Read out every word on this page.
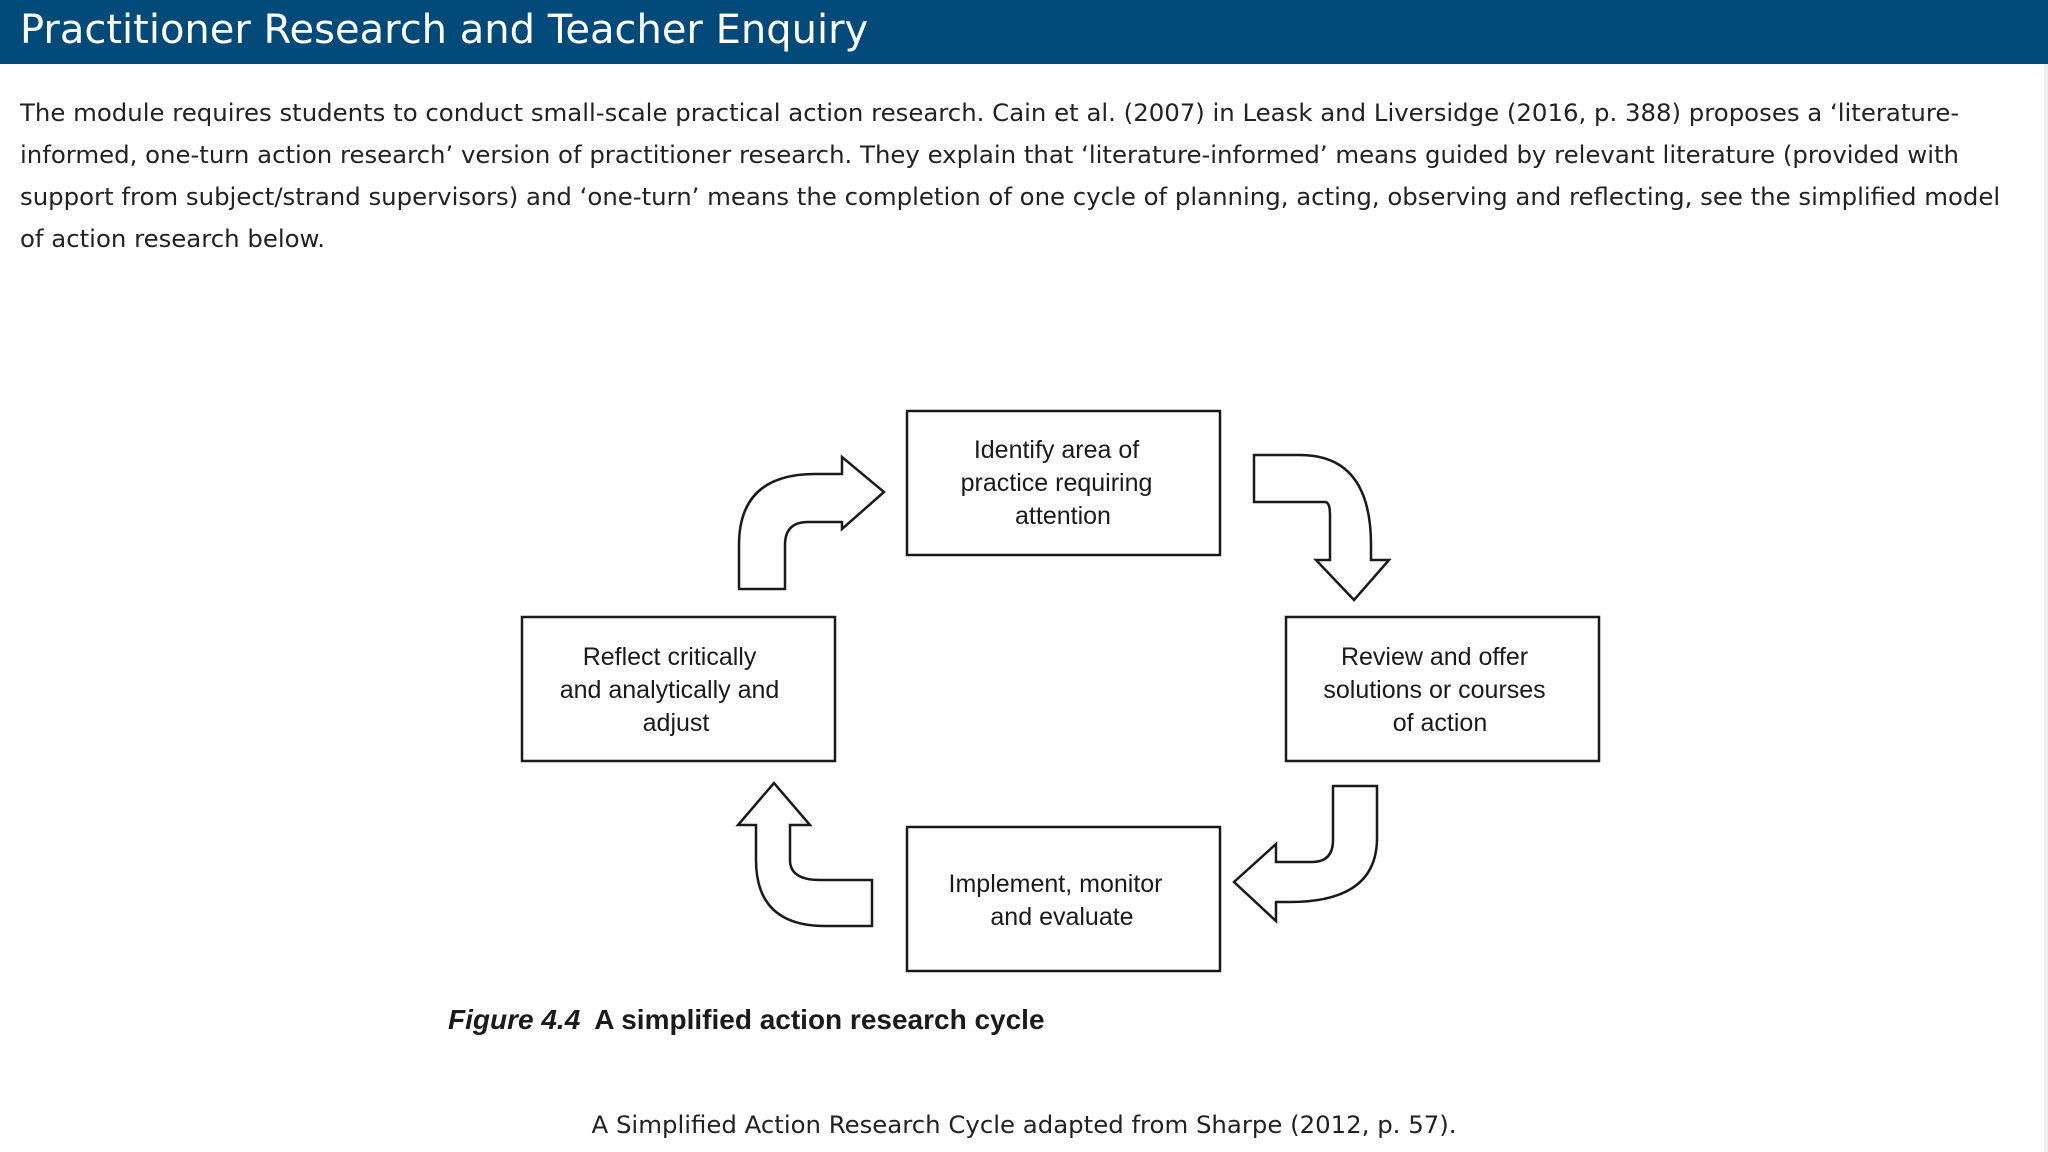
Practitioner Research and Teacher Enquiry

The module requires students to conduct small-scale practical action research. Cain et al. (2007) in Leask and Liversidge (2016, p. 388) proposes a ‘literature-informed, one-turn action research’ version of practitioner research. They explain that ‘literature-informed’ means guided by relevant literature (provided with support from subject/strand supervisors) and ‘one-turn’ means the completion of one cycle of planning, acting, observing and reflecting, see the simplified model of action research below.

Identify area of practice requiring attention
Review and offer solutions or courses of action
Implement, monitor and evaluate
Reflect critically and analytically and adjust
Figure 4.4 A simplified action research cycle
A Simplified Action Research Cycle adapted from Sharpe (2012, p. 57).
